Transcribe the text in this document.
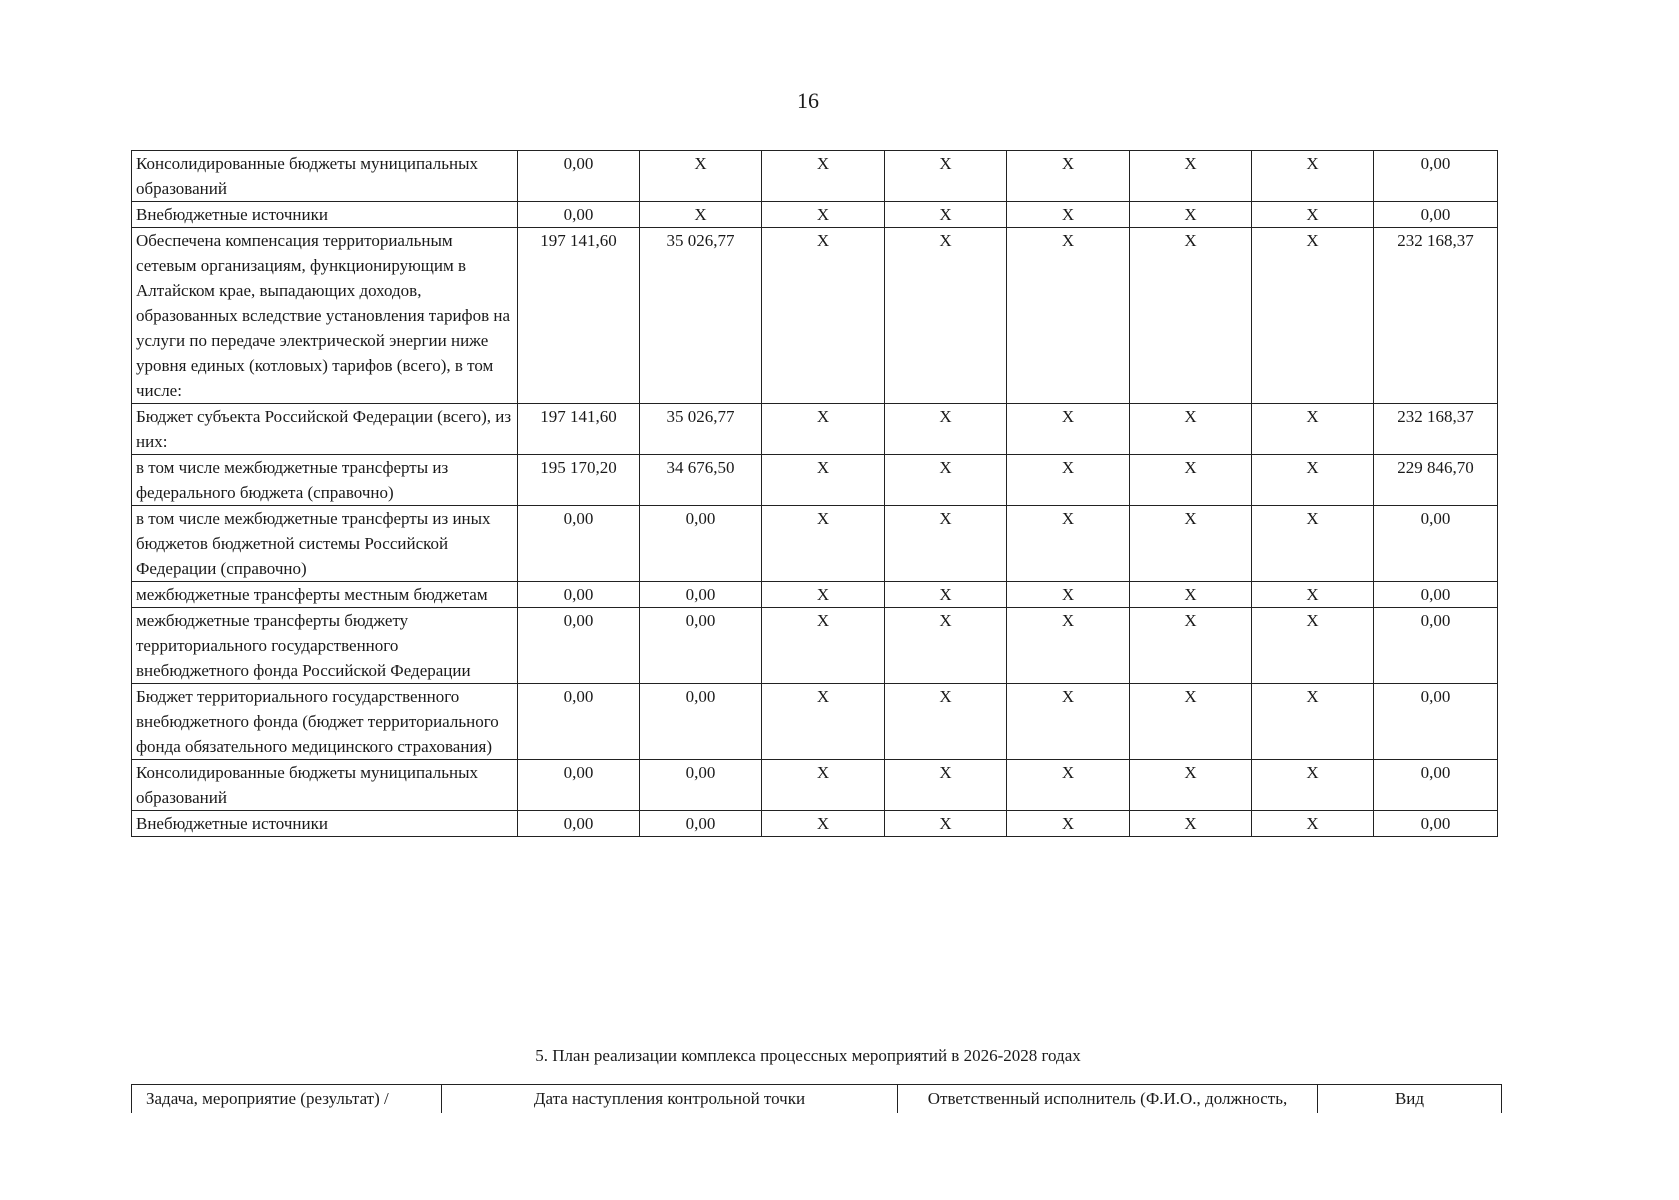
16
Консолидированные бюджеты муниципальных образований	0,00	X	X	X	X	X	X	0,00
Внебюджетные источники	0,00	X	X	X	X	X	X	0,00
Обеспечена компенсация территориальным сетевым организациям, функционирующим в Алтайском крае, выпадающих доходов, образованных вследствие установления тарифов на услуги по передаче электрической энергии ниже уровня единых (котловых) тарифов (всего), в том числе:	197 141,60	35 026,77	X	X	X	X	X	232 168,37
Бюджет субъекта Российской Федерации (всего), из них:	197 141,60	35 026,77	X	X	X	X	X	232 168,37
в том числе межбюджетные трансферты из федерального бюджета (справочно)	195 170,20	34 676,50	X	X	X	X	X	229 846,70
в том числе межбюджетные трансферты из иных бюджетов бюджетной системы Российской Федерации (справочно)	0,00	0,00	X	X	X	X	X	0,00
межбюджетные трансферты местным бюджетам	0,00	0,00	X	X	X	X	X	0,00
межбюджетные трансферты бюджету территориального государственного внебюджетного фонда Российской Федерации	0,00	0,00	X	X	X	X	X	0,00
Бюджет территориального государственного внебюджетного фонда (бюджет территориального фонда обязательного медицинского страхования)	0,00	0,00	X	X	X	X	X	0,00
Консолидированные бюджеты муниципальных образований	0,00	0,00	X	X	X	X	X	0,00
Внебюджетные источники	0,00	0,00	X	X	X	X	X	0,00
5. План реализации комплекса процессных мероприятий в 2026-2028 годах
Задача, мероприятие (результат) /	Дата наступления контрольной точки	Ответственный исполнитель (Ф.И.О., должность,	Вид
